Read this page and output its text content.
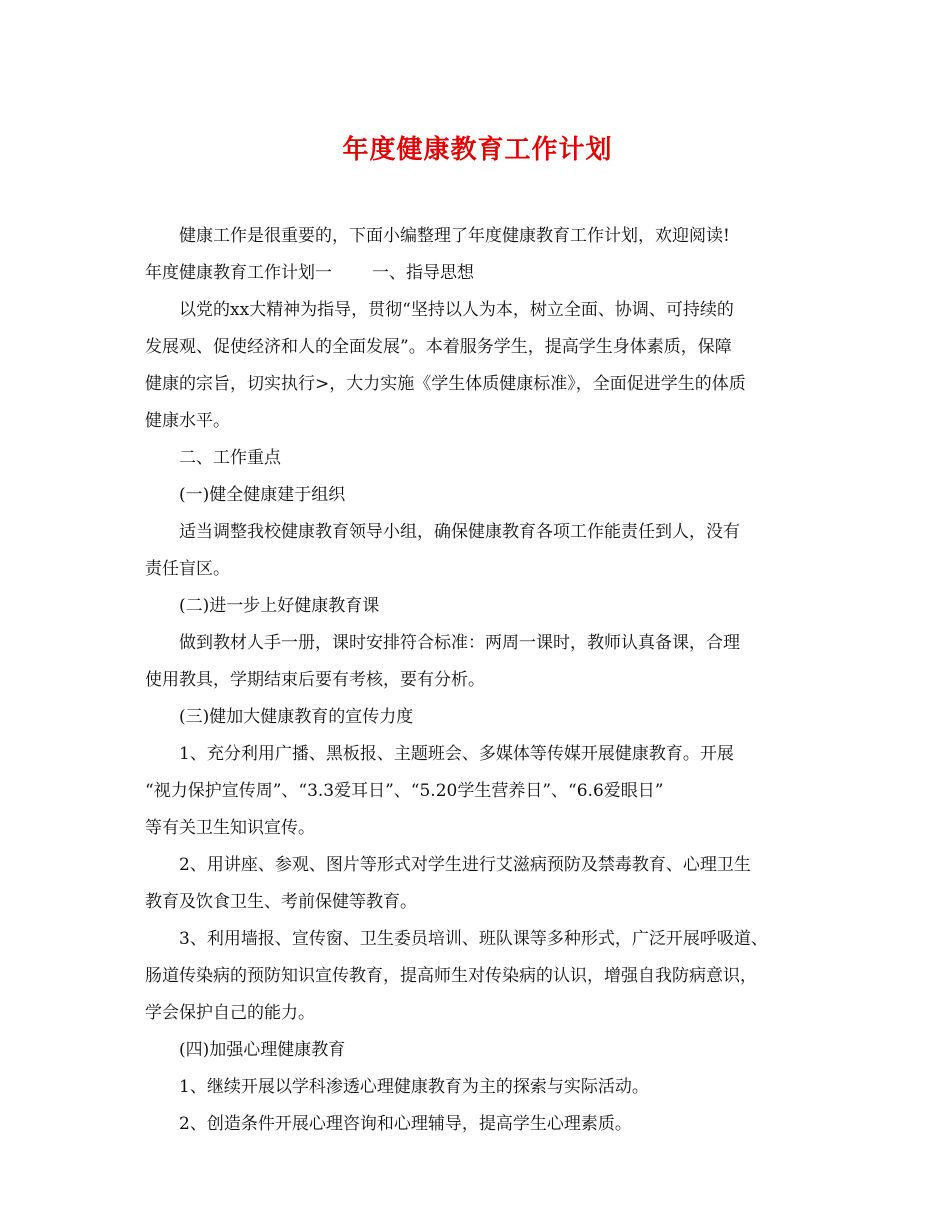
年度健康教育工作计划

健康工作是很重要的，下面小编整理了年度健康教育工作计划，欢迎阅读!

年度健康教育工作计划一 一、指导思想

以党的xx大精神为指导，贯彻“坚持以人为本，树立全面、协调、可持续的

发展观、促使经济和人的全面发展”。本着服务学生，提高学生身体素质，保障

健康的宗旨，切实执行>，大力实施《学生体质健康标准》，全面促进学生的体质

健康水平。

二、工作重点

(一)健全健康建于组织

适当调整我校健康教育领导小组，确保健康教育各项工作能责任到人，没有

责任盲区。

(二)进一步上好健康教育课

做到教材人手一册，课时安排符合标准：两周一课时，教师认真备课，合理

使用教具，学期结束后要有考核，要有分析。

(三)健加大健康教育的宣传力度

1、充分利用广播、黑板报、主题班会、多媒体等传媒开展健康教育。开展

“视力保护宣传周”、“3.3爱耳日”、“5.20学生营养日”、“6.6爱眼日”

等有关卫生知识宣传。

2、用讲座、参观、图片等形式对学生进行艾滋病预防及禁毒教育、心理卫生

教育及饮食卫生、考前保健等教育。

3、利用墙报、宣传窗、卫生委员培训、班队课等多种形式，广泛开展呼吸道、

肠道传染病的预防知识宣传教育，提高师生对传染病的认识，增强自我防病意识，

学会保护自己的能力。

(四)加强心理健康教育

1、继续开展以学科渗透心理健康教育为主的探索与实际活动。

2、创造条件开展心理咨询和心理辅导，提高学生心理素质。
